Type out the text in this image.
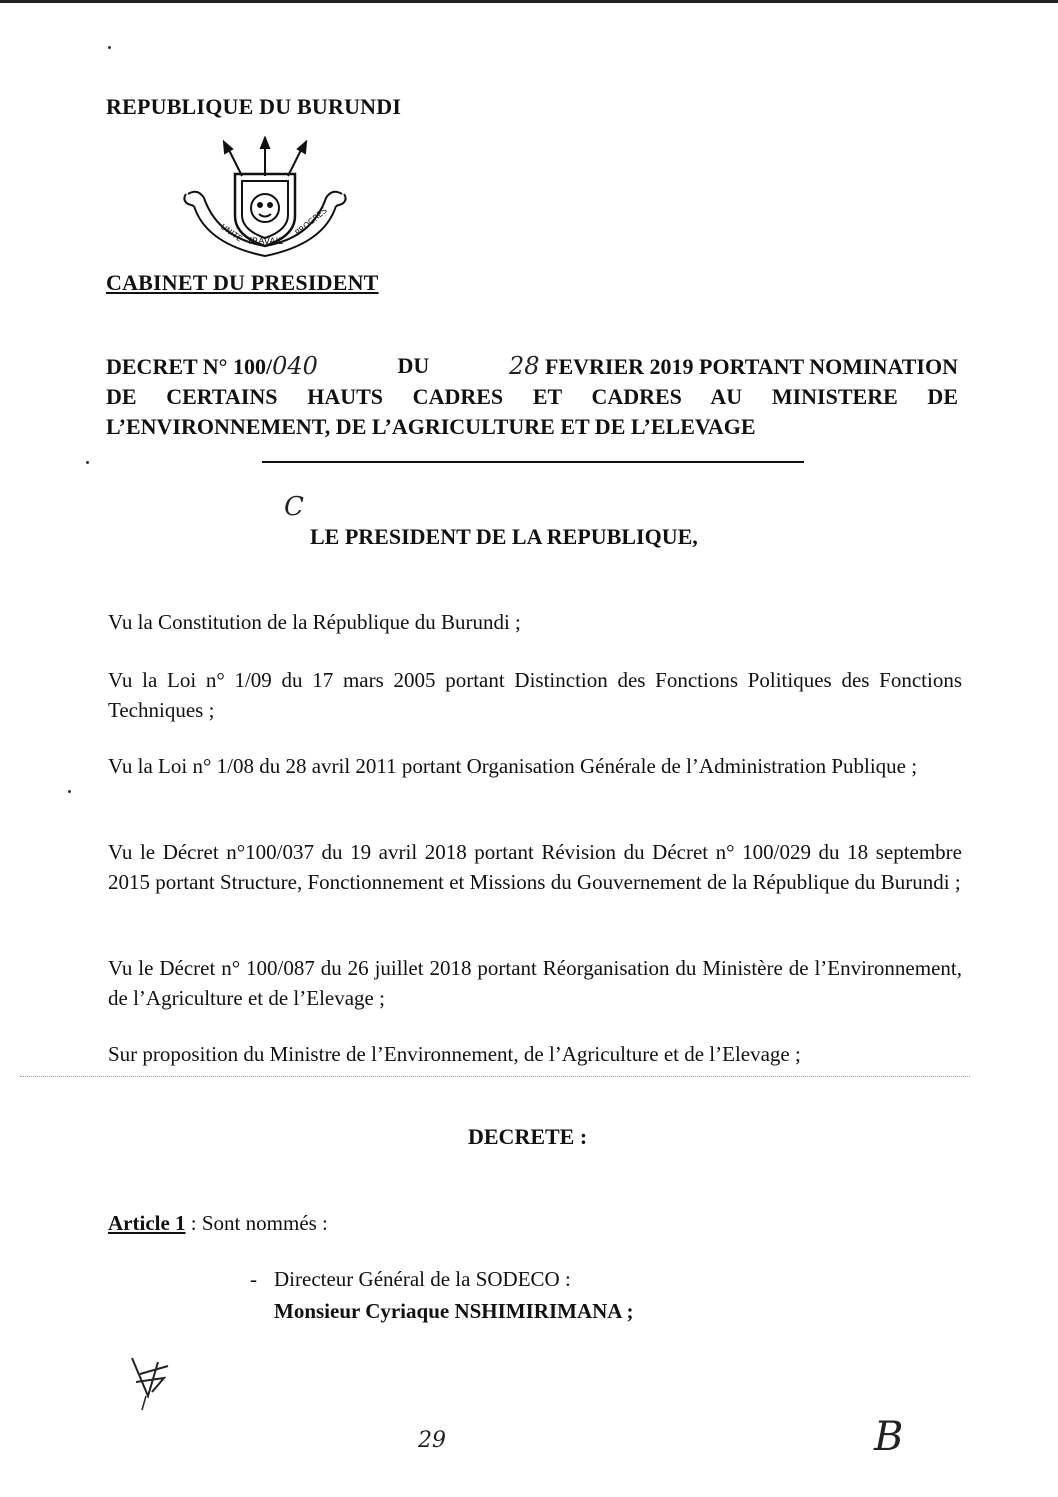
REPUBLIQUE DU BURUNDI
TRAVAIL
UNITE	PROGRES
CABINET DU PRESIDENT
DECRET N° 100/040	DU	28 FEVRIER 2019 PORTANT NOMINATION
DE CERTAINS HAUTS CADRES ET CADRES AU MINISTERE DE
L’ENVIRONNEMENT, DE L’AGRICULTURE ET DE L’ELEVAGE
C
LE PRESIDENT DE LA REPUBLIQUE,
Vu la Constitution de la République du Burundi ;
Vu la Loi n° 1/09 du 17 mars 2005 portant Distinction des Fonctions Politiques des Fonctions Techniques ;
Vu la Loi n° 1/08 du 28 avril 2011 portant Organisation Générale de l’Administration Publique ;
Vu le Décret n°100/037 du 19 avril 2018 portant Révision du Décret n° 100/029 du 18 septembre 2015 portant Structure, Fonctionnement et Missions du Gouvernement de la République du Burundi ;
Vu le Décret n° 100/087 du 26 juillet 2018 portant Réorganisation du Ministère de l’Environnement, de l’Agriculture et de l’Elevage ;
Sur proposition du Ministre de l’Environnement, de l’Agriculture et de l’Elevage ;
DECRETE :
Article 1 : Sont nommés :
- Directeur Général de la SODECO :
Monsieur Cyriaque NSHIMIRIMANA ;
29	B
